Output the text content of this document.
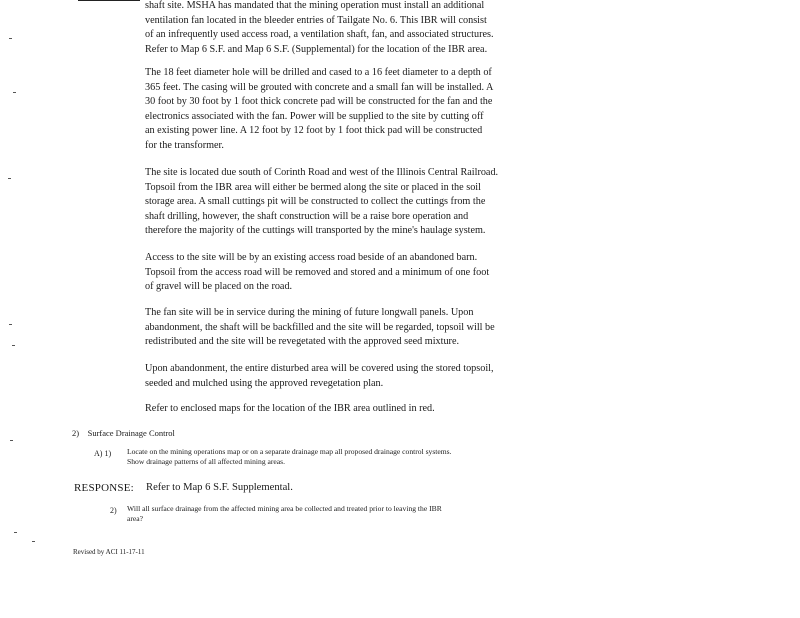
shaft site. MSHA has mandated that the mining operation must install an additional
ventilation fan located in the bleeder entries of Tailgate No. 6. This IBR will consist
of an infrequently used access road, a ventilation shaft, fan, and associated structures.
Refer to Map 6 S.F. and Map 6 S.F. (Supplemental) for the location of the IBR area.

The 18 feet diameter hole will be drilled and cased to a 16 feet diameter to a depth of
365 feet. The casing will be grouted with concrete and a small fan will be installed. A
30 foot by 30 foot by 1 foot thick concrete pad will be constructed for the fan and the
electronics associated with the fan. Power will be supplied to the site by cutting off
an existing power line. A 12 foot by 12 foot by 1 foot thick pad will be constructed
for the transformer.

The site is located due south of Corinth Road and west of the Illinois Central Railroad.
Topsoil from the IBR area will either be bermed along the site or placed in the soil
storage area. A small cuttings pit will be constructed to collect the cuttings from the
shaft drilling, however, the shaft construction will be a raise bore operation and
therefore the majority of the cuttings will transported by the mine's haulage system.

Access to the site will be by an existing access road beside of an abandoned barn.
Topsoil from the access road will be removed and stored and a minimum of one foot
of gravel will be placed on the road.

The fan site will be in service during the mining of future longwall panels. Upon
abandonment, the shaft will be backfilled and the site will be regarded, topsoil will be
redistributed and the site will be revegetated with the approved seed mixture.

Upon abandonment, the entire disturbed area will be covered using the stored topsoil,
seeded and mulched using the approved revegetation plan.

Refer to enclosed maps for the location of the IBR area outlined in red.

2) Surface Drainage Control
A) 1) Locate on the mining operations map or on a separate drainage map all proposed drainage control systems.
Show drainage patterns of all affected mining areas.
RESPONSE: Refer to Map 6 S.F. Supplemental.
2) Will all surface drainage from the affected mining area be collected and treated prior to leaving the IBR
area?
Revised by ACI 11-17-11
